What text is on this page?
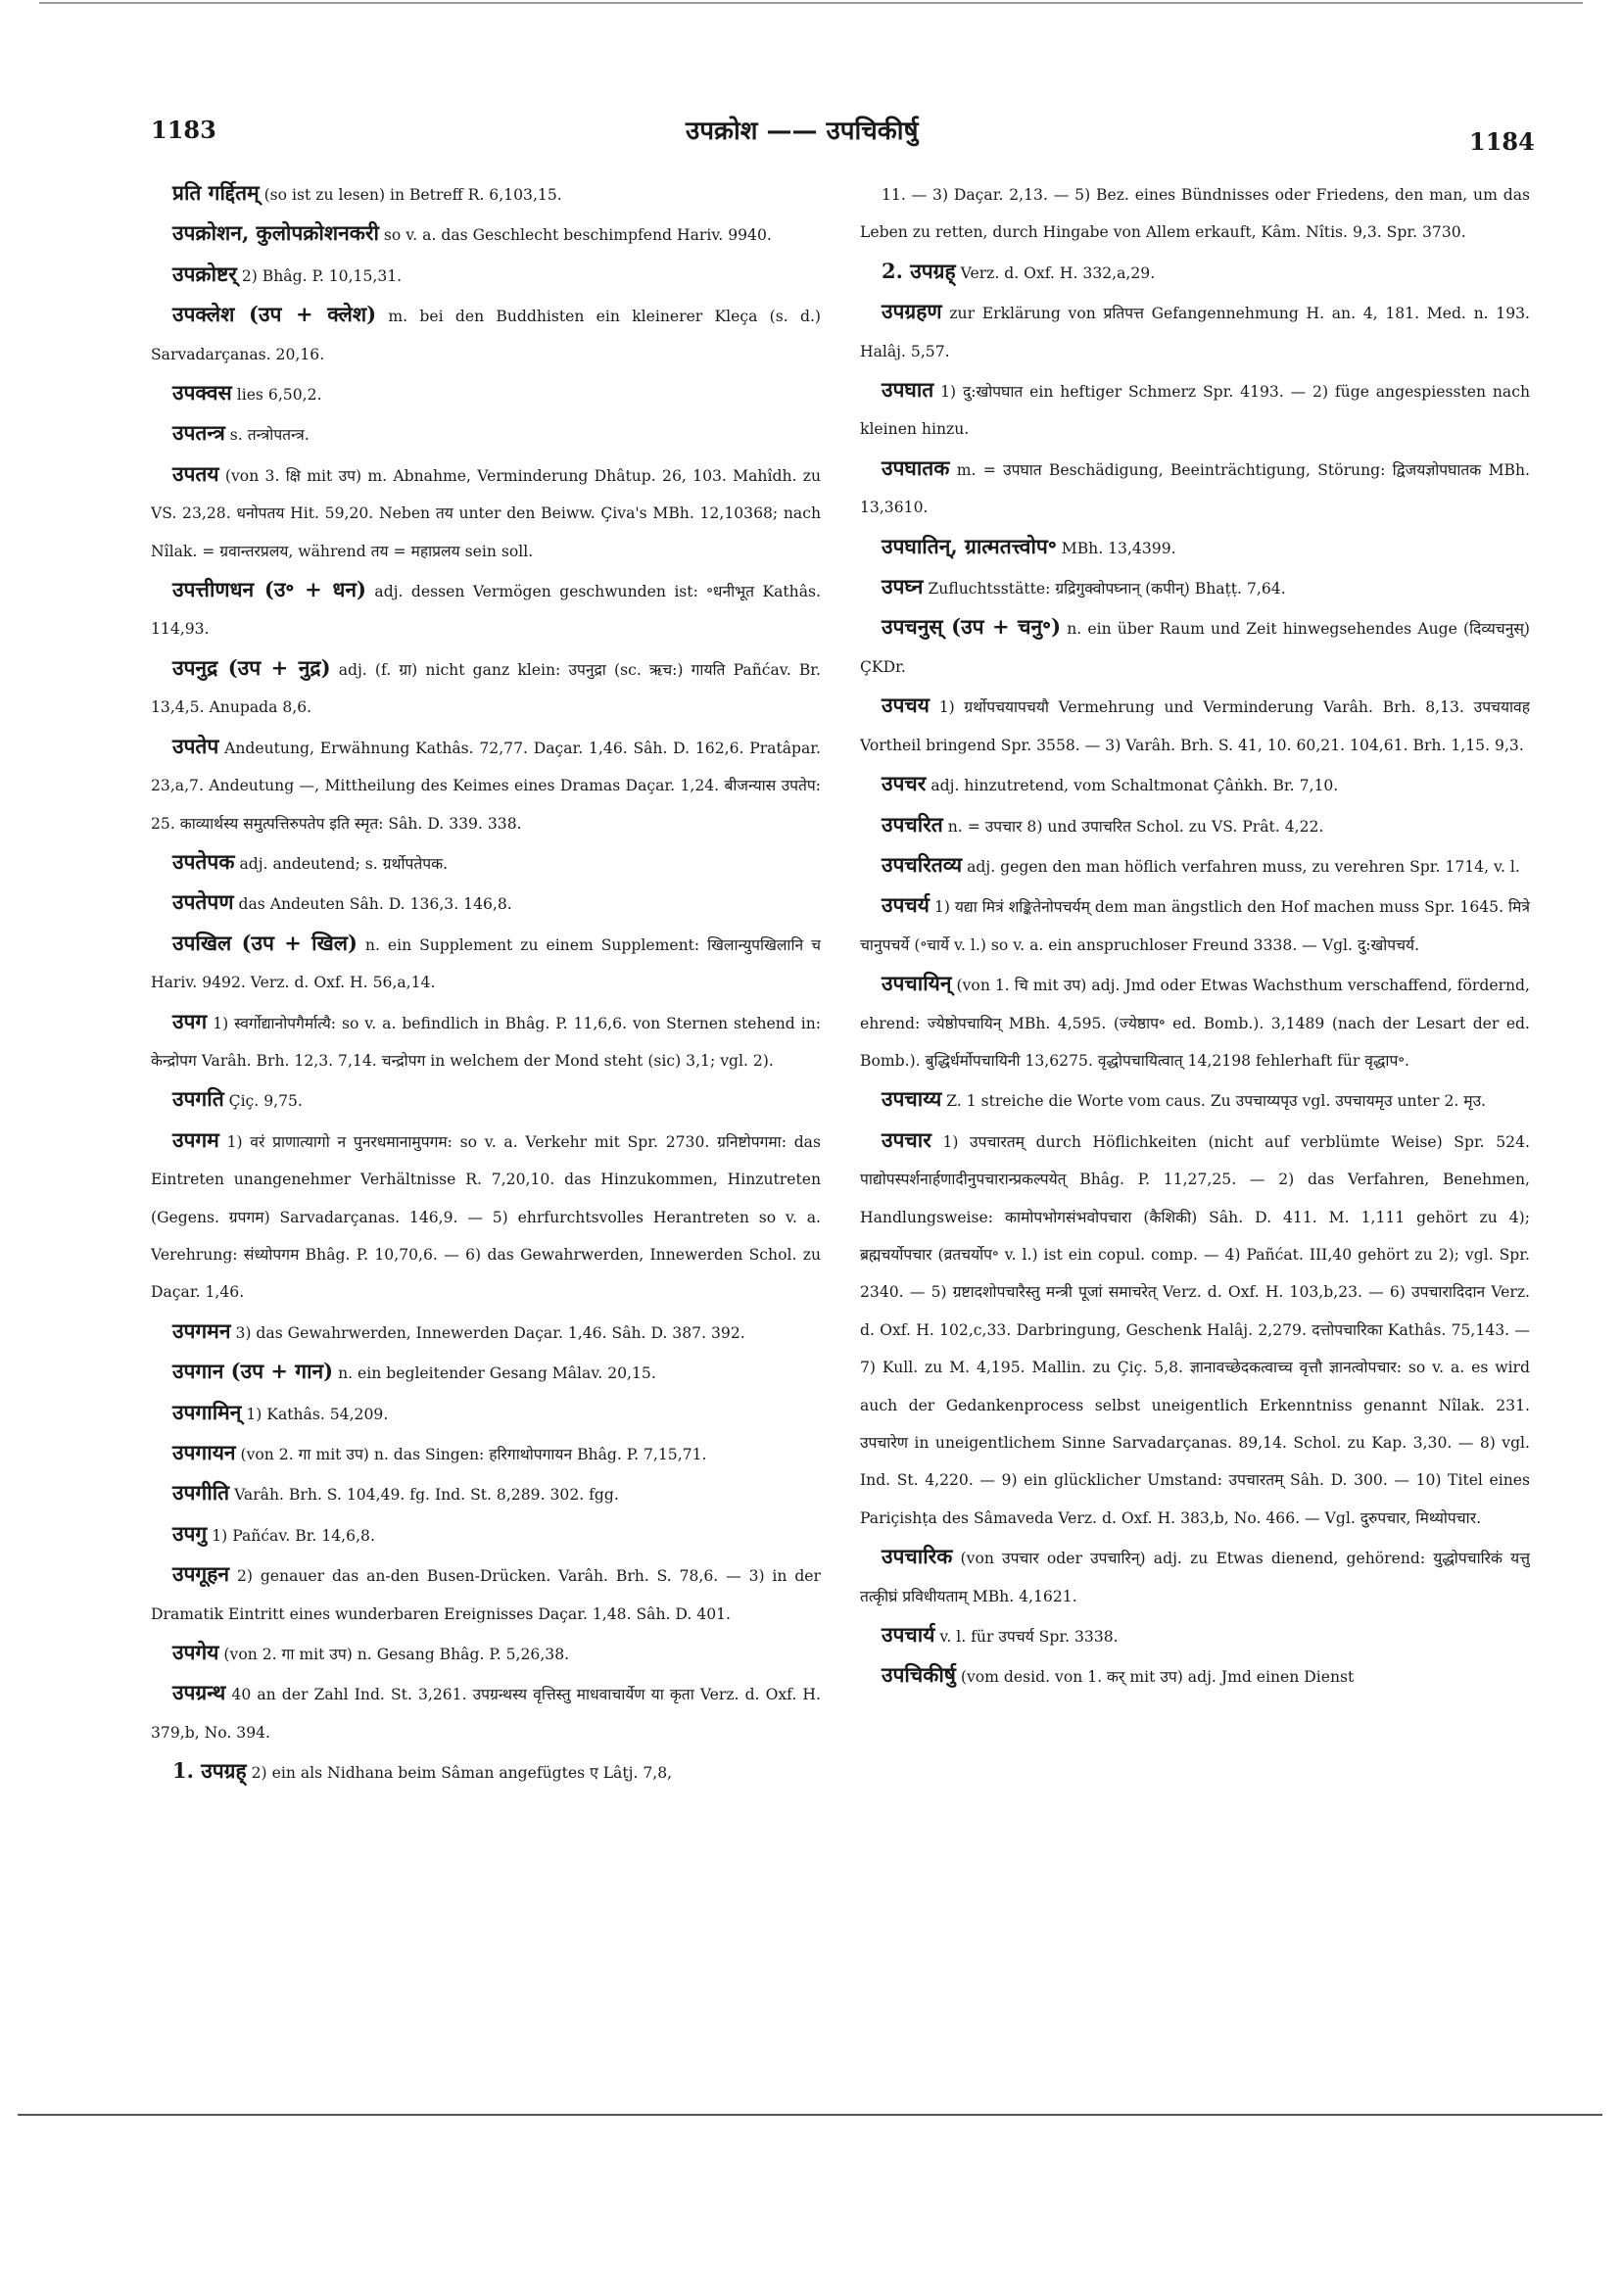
1183	उपक्रोश —— उपचिकीर्षु	1184

प्रति गर्द्दितम् (so ist zu lesen) in Betreff R. 6,103,15.

उपक्रोशन, कुलोपक्रोशनकरी so v. a. das Geschlecht beschimpfend Hariv. 9940.

उपक्रोष्टर् 2) Bhâg. P. 10,15,31.

उपक्लेश (उप + क्लेश) m. bei den Buddhisten ein kleinerer Kleça (s. d.) Sarvadarçanas. 20,16.

उपक्वस lies 6,50,2.

उपतन्त्र s. तन्त्रोपतन्त्र.

उपतय (von 3. क्षि mit उप) m. Abnahme, Verminderung Dhâtup. 26, 103. Mahîdh. zu VS. 23,28. धनोपतय Hit. 59,20. Neben तय unter den Beiww. Çiva's MBh. 12,10368; nach Nîlak. = ग्रवान्तरप्रलय, während तय = महाप्रलय sein soll.

उपत्तीणधन (उ॰ + धन) adj. dessen Vermögen geschwunden ist: ॰धनीभूत Kathâs. 114,93.

उपनुद्र (उप + नुद्र) adj. (f. ग्रा) nicht ganz klein: उपनुद्रा (sc. ऋच:) गायति Pañćav. Br. 13,4,5. Anupada 8,6.

उपतेप Andeutung, Erwähnung Kathâs. 72,77. Daçar. 1,46. Sâh. D. 162,6. Pratâpar. 23,a,7. Andeutung —, Mittheilung des Keimes eines Dramas Daçar. 1,24. बीजन्यास उपतेप: 25. काव्यार्थस्य समुत्पत्तिरुपतेप इति स्मृत: Sâh. D. 339. 338.

उपतेपक adj. andeutend; s. ग्रर्थोपतेपक.

उपतेपण das Andeuten Sâh. D. 136,3. 146,8.

उपखिल (उप + खिल) n. ein Supplement zu einem Supplement: खिलान्युपखिलानि च Hariv. 9492. Verz. d. Oxf. H. 56,a,14.

उपग 1) स्वर्गोद्यानोपगैर्मात्यै: so v. a. befindlich in Bhâg. P. 11,6,6. von Sternen stehend in: केन्द्रोपग Varâh. Brh. 12,3. 7,14. चन्द्रोपग in welchem der Mond steht (sic) 3,1; vgl. 2).

उपगति Çiç. 9,75.

उपगम 1) वरं प्राणात्यागो न पुनरधमानामुपगम: so v. a. Verkehr mit Spr. 2730. ग्रनिष्टोपगमा: das Eintreten unangenehmer Verhältnisse R. 7,20,10. das Hinzukommen, Hinzutreten (Gegens. ग्रपगम) Sarvadarçanas. 146,9. — 5) ehrfurchtsvolles Herantreten so v. a. Verehrung: संध्योपगम Bhâg. P. 10,70,6. — 6) das Gewahrwerden, Innewerden Schol. zu Daçar. 1,46.

उपगमन 3) das Gewahrwerden, Innewerden Daçar. 1,46. Sâh. D. 387. 392.

उपगान (उप + गान) n. ein begleitender Gesang Mâlav. 20,15.

उपगामिन् 1) Kathâs. 54,209.

उपगायन (von 2. गा mit उप) n. das Singen: हरिगाथोपगायन Bhâg. P. 7,15,71.

उपगीति Varâh. Brh. S. 104,49. fg. Ind. St. 8,289. 302. fgg.

उपगु 1) Pañćav. Br. 14,6,8.

उपगूहन 2) genauer das an-den Busen-Drücken. Varâh. Brh. S. 78,6. — 3) in der Dramatik Eintritt eines wunderbaren Ereignisses Daçar. 1,48. Sâh. D. 401.

उपगेय (von 2. गा mit उप) n. Gesang Bhâg. P. 5,26,38.

उपग्रन्थ 40 an der Zahl Ind. St. 3,261. उपग्रन्थस्य वृत्तिस्तु माधवाचार्येण या कृता Verz. d. Oxf. H. 379,b, No. 394.

1. उपग्रह् 2) ein als Nidhana beim Sâman angefügtes ए Lâṭj. 7,8,

11. — 3) Daçar. 2,13. — 5) Bez. eines Bündnisses oder Friedens, den man, um das Leben zu retten, durch Hingabe von Allem erkauft, Kâm. Nîtis. 9,3. Spr. 3730.

2. उपग्रह् Verz. d. Oxf. H. 332,a,29.

उपग्रहण zur Erklärung von प्रतिपत्त Gefangennehmung H. an. 4, 181. Med. n. 193. Halâj. 5,57.

उपघात 1) दु:खोपघात ein heftiger Schmerz Spr. 4193. — 2) füge angespiessten nach kleinen hinzu.

उपघातक m. = उपघात Beschädigung, Beeinträchtigung, Störung: द्विजयज्ञोपघातक MBh. 13,3610.

उपघातिन्, ग्रात्मतत्त्वोप॰ MBh. 13,4399.

उपघ्न Zufluchtsstätte: ग्रद्रिगुक्वोपघ्नान् (कपीन्) Bhaṭṭ. 7,64.

उपचनुस् (उप + चनु॰) n. ein über Raum und Zeit hinwegsehendes Auge (दिव्यचनुस्) ÇKDr.

उपचय 1) ग्रर्थोपचयापचयौ Vermehrung und Verminderung Varâh. Brh. 8,13. उपचयावह Vortheil bringend Spr. 3558. — 3) Varâh. Brh. S. 41, 10. 60,21. 104,61. Brh. 1,15. 9,3.

उपचर adj. hinzutretend, vom Schaltmonat Çâṅkh. Br. 7,10.

उपचरित n. = उपचार 8) und उपाचरित Schol. zu VS. Prât. 4,22.

उपचरितव्य adj. gegen den man höflich verfahren muss, zu verehren Spr. 1714, v. l.

उपचर्य 1) यद्या मित्रं शङ्कितेनोपचर्यम् dem man ängstlich den Hof machen muss Spr. 1645. मित्रे चानुपचर्ये (॰चार्ये v. l.) so v. a. ein anspruchloser Freund 3338. — Vgl. दु:खोपचर्य.

उपचायिन् (von 1. चि mit उप) adj. Jmd oder Etwas Wachsthum verschaffend, fördernd, ehrend: ज्येष्ठोपचायिन् MBh. 4,595. (ज्येष्ठाप॰ ed. Bomb.). 3,1489 (nach der Lesart der ed. Bomb.). बुद्धिर्धर्मोपचायिनी 13,6275. वृद्धोपचायित्वात् 14,2198 fehlerhaft für वृद्धाप॰.

उपचाय्य Z. 1 streiche die Worte vom caus. Zu उपचाय्यपृउ vgl. उपचायमृउ unter 2. मृउ.

उपचार 1) उपचारतम् durch Höflichkeiten (nicht auf verblümte Weise) Spr. 524. पाद्योपस्पर्शनार्हणादीनुपचारान्प्रकल्पयेत् Bhâg. P. 11,27,25. — 2) das Verfahren, Benehmen, Handlungsweise: कामोपभोगसंभवोपचारा (कैशिकी) Sâh. D. 411. M. 1,111 gehört zu 4); ब्रह्मचर्योपचार (व्रतचर्योप॰ v. l.) ist ein copul. comp. — 4) Pañćat. III,40 gehört zu 2); vgl. Spr. 2340. — 5) ग्रष्टादशोपचारैस्तु मन्त्री पूजां समाचरेत् Verz. d. Oxf. H. 103,b,23. — 6) उपचारादिदान Verz. d. Oxf. H. 102,c,33. Darbringung, Geschenk Halâj. 2,279. दत्तोपचारिका Kathâs. 75,143. — 7) Kull. zu M. 4,195. Mallin. zu Çiç. 5,8. ज्ञानावच्छेदकत्वाच्च वृत्तौ ज्ञानत्वोपचार: so v. a. es wird auch der Gedankenprocess selbst uneigentlich Erkenntniss genannt Nîlak. 231. उपचारेण in uneigentlichem Sinne Sarvadarçanas. 89,14. Schol. zu Kap. 3,30. — 8) vgl. Ind. St. 4,220. — 9) ein glücklicher Umstand: उपचारतम् Sâh. D. 300. — 10) Titel eines Pariçishṭa des Sâmaveda Verz. d. Oxf. H. 383,b, No. 466. — Vgl. दुरुपचार, मिथ्योपचार.

उपचारिक (von उपचार oder उपचारिन्) adj. zu Etwas dienend, gehörend: युद्धोपचारिकं यत्तु तत्कृीघ्रं प्रविधीयताम् MBh. 4,1621.

उपचार्य v. l. für उपचर्य Spr. 3338.

उपचिकीर्षु (vom desid. von 1. कर् mit उप) adj. Jmd einen Dienst
